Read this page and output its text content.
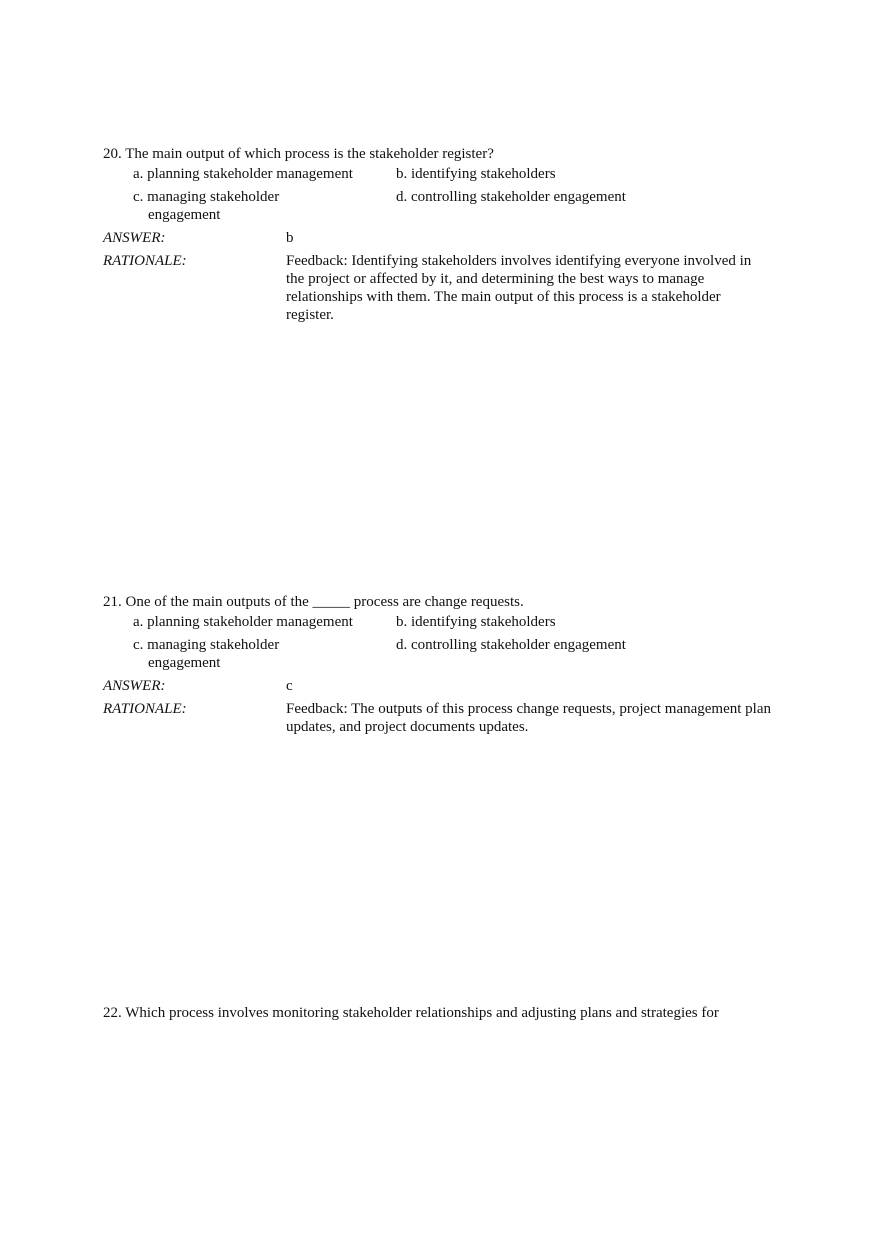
20. The main output of which process is the stakeholder register?
a. planning stakeholder management	b. identifying stakeholders
c. managing stakeholder engagement
d. controlling stakeholder engagement
ANSWER:	b
RATIONALE:	Feedback: Identifying stakeholders involves identifying everyone involved in the project or affected by it, and determining the best ways to manage relationships with them. The main output of this process is a stakeholder register.
21. One of the main outputs of the _____ process are change requests.
a. planning stakeholder management	b. identifying stakeholders
c. managing stakeholder engagement
d. controlling stakeholder engagement
ANSWER:	c
RATIONALE:	Feedback: The outputs of this process change requests, project management plan updates, and project documents updates.
22. Which process involves monitoring stakeholder relationships and adjusting plans and strategies for
